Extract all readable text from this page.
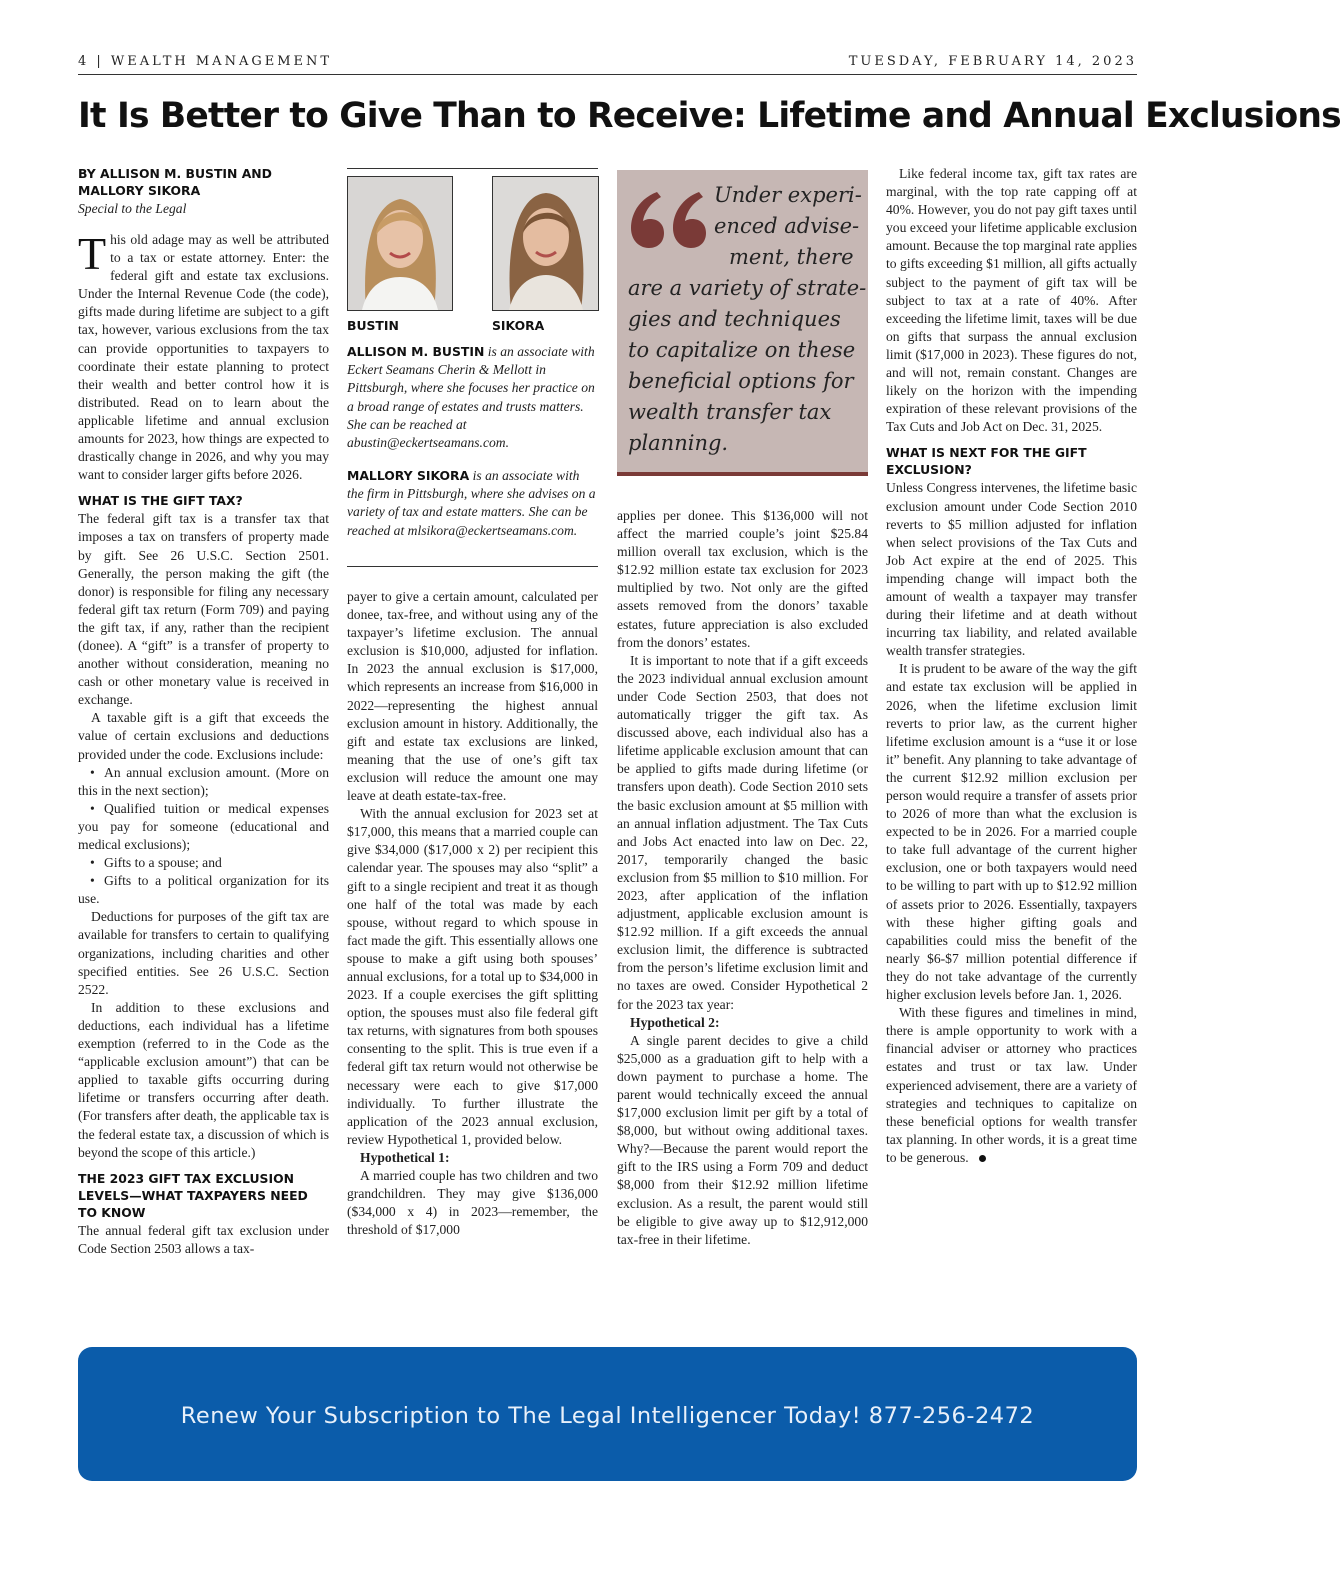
4 | WEALTH MANAGEMENT	TUESDAY, FEBRUARY 14, 2023
It Is Better to Give Than to Receive: Lifetime and Annual Exclusions
BY ALLISON M. BUSTIN AND
MALLORY SIKORA
Special to the Legal

This old adage may as well be attributed to a tax or estate attorney. Enter: the federal gift and estate tax exclusions. Under the Internal Revenue Code (the code), gifts made during lifetime are subject to a gift tax, however, various exclusions from the tax can provide opportunities to taxpayers to coordinate their estate planning to protect their wealth and better control how it is distributed. Read on to learn about the applicable lifetime and annual exclusion amounts for 2023, how things are expected to drastically change in 2026, and why you may want to consider larger gifts before 2026.

WHAT IS THE GIFT TAX?

The federal gift tax is a transfer tax that imposes a tax on transfers of property made by gift. See 26 U.S.C. Section 2501. Generally, the person making the gift (the donor) is responsible for filing any necessary federal gift tax return (Form 709) and paying the gift tax, if any, rather than the recipient (donee). A “gift” is a transfer of property to another without consideration, meaning no cash or other monetary value is received in exchange.

A taxable gift is a gift that exceeds the value of certain exclusions and deductions provided under the code. Exclusions include:

• An annual exclusion amount. (More on this in the next section);
• Qualified tuition or medical expenses you pay for someone (educational and medical exclusions);
• Gifts to a spouse; and
• Gifts to a political organization for its use.

Deductions for purposes of the gift tax are available for transfers to certain to qualifying organizations, including charities and other specified entities. See 26 U.S.C. Section 2522.

In addition to these exclusions and deductions, each individual has a lifetime exemption (referred to in the Code as the “applicable exclusion amount”) that can be applied to taxable gifts occurring during lifetime or transfers occurring after death. (For transfers after death, the applicable tax is the federal estate tax, a discussion of which is beyond the scope of this article.)

THE 2023 GIFT TAX EXCLUSION LEVELS—WHAT TAXPAYERS NEED TO KNOW

The annual federal gift tax exclusion under Code Section 2503 allows a tax-

BUSTIN	SIKORA
ALLISON M. BUSTIN is an associate with Eckert Seamans Cherin & Mellott in Pittsburgh, where she focuses her practice on a broad range of estates and trusts matters. She can be reached at abustin@eckertseamans.com.
MALLORY SIKORA is an associate with the firm in Pittsburgh, where she advises on a variety of tax and estate matters. She can be reached at mlsikora@eckertseamans.com.

payer to give a certain amount, calculated per donee, tax-free, and without using any of the taxpayer’s lifetime exclusion. The annual exclusion is $10,000, adjusted for inflation. In 2023 the annual exclusion is $17,000, which represents an increase from $16,000 in 2022—representing the highest annual exclusion amount in history. Additionally, the gift and estate tax exclusions are linked, meaning that the use of one’s gift tax exclusion will reduce the amount one may leave at death estate-tax-free.

With the annual exclusion for 2023 set at $17,000, this means that a married couple can give $34,000 ($17,000 x 2) per recipient this calendar year. The spouses may also “split” a gift to a single recipient and treat it as though one half of the total was made by each spouse, without regard to which spouse in fact made the gift. This essentially allows one spouse to make a gift using both spouses’ annual exclusions, for a total up to $34,000 in 2023. If a couple exercises the gift splitting option, the spouses must also file federal gift tax returns, with signatures from both spouses consenting to the split. This is true even if a federal gift tax return would not otherwise be necessary were each to give $17,000 individually. To further illustrate the application of the 2023 annual exclusion, review Hypothetical 1, provided below.

Hypothetical 1:

A married couple has two children and two grandchildren. They may give $136,000 ($34,000 x 4) in 2023—remember, the threshold of $17,000

Under experi-
enced advise-
ment, there
are a variety of strate-
gies and techniques
to capitalize on these
beneficial options for
wealth transfer tax
planning.

applies per donee. This $136,000 will not affect the married couple’s joint $25.84 million overall tax exclusion, which is the $12.92 million estate tax exclusion for 2023 multiplied by two. Not only are the gifted assets removed from the donors’ taxable estates, future appreciation is also excluded from the donors’ estates.

It is important to note that if a gift exceeds the 2023 individual annual exclusion amount under Code Section 2503, that does not automatically trigger the gift tax. As discussed above, each individual also has a lifetime applicable exclusion amount that can be applied to gifts made during lifetime (or transfers upon death). Code Section 2010 sets the basic exclusion amount at $5 million with an annual inflation adjustment. The Tax Cuts and Jobs Act enacted into law on Dec. 22, 2017, temporarily changed the basic exclusion from $5 million to $10 million. For 2023, after application of the inflation adjustment, applicable exclusion amount is $12.92 million. If a gift exceeds the annual exclusion limit, the difference is subtracted from the person’s lifetime exclusion limit and no taxes are owed. Consider Hypothetical 2 for the 2023 tax year:

Hypothetical 2:

A single parent decides to give a child $25,000 as a graduation gift to help with a down payment to purchase a home. The parent would technically exceed the annual $17,000 exclusion limit per gift by a total of $8,000, but without owing additional taxes. Why?—Because the parent would report the gift to the IRS using a Form 709 and deduct $8,000 from their $12.92 million lifetime exclusion. As a result, the parent would still be eligible to give away up to $12,912,000 tax-free in their lifetime.

Like federal income tax, gift tax rates are marginal, with the top rate capping off at 40%. However, you do not pay gift taxes until you exceed your lifetime applicable exclusion amount. Because the top marginal rate applies to gifts exceeding $1 million, all gifts actually subject to the payment of gift tax will be subject to tax at a rate of 40%. After exceeding the lifetime limit, taxes will be due on gifts that surpass the annual exclusion limit ($17,000 in 2023). These figures do not, and will not, remain constant. Changes are likely on the horizon with the impending expiration of these relevant provisions of the Tax Cuts and Job Act on Dec. 31, 2025.

WHAT IS NEXT FOR THE GIFT EXCLUSION?

Unless Congress intervenes, the lifetime basic exclusion amount under Code Section 2010 reverts to $5 million adjusted for inflation when select provisions of the Tax Cuts and Job Act expire at the end of 2025. This impending change will impact both the amount of wealth a taxpayer may transfer during their lifetime and at death without incurring tax liability, and related available wealth transfer strategies.

It is prudent to be aware of the way the gift and estate tax exclusion will be applied in 2026, when the lifetime exclusion limit reverts to prior law, as the current higher lifetime exclusion amount is a “use it or lose it” benefit. Any planning to take advantage of the current $12.92 million exclusion per person would require a transfer of assets prior to 2026 of more than what the exclusion is expected to be in 2026. For a married couple to take full advantage of the current higher exclusion, one or both taxpayers would need to be willing to part with up to $12.92 million of assets prior to 2026. Essentially, taxpayers with these higher gifting goals and capabilities could miss the benefit of the nearly $6-$7 million potential difference if they do not take advantage of the currently higher exclusion levels before Jan. 1, 2026.

With these figures and timelines in mind, there is ample opportunity to work with a financial adviser or attorney who practices estates and trust or tax law. Under experienced advisement, there are a variety of strategies and techniques to capitalize on these beneficial options for wealth transfer tax planning. In other words, it is a great time to be generous.

Renew Your Subscription to The Legal Intelligencer Today! 877-256-2472
